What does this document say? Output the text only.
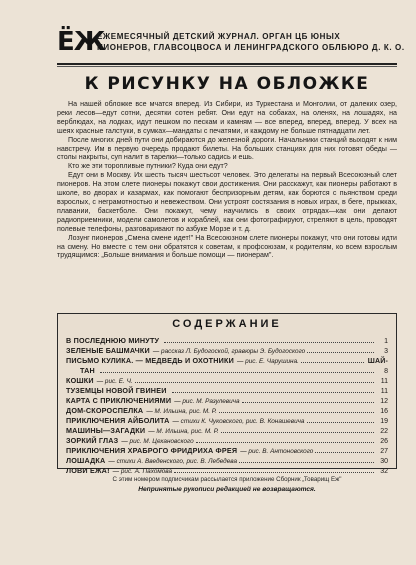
ЁЖ
ЕЖЕМЕСЯЧНЫЙ ДЕТСКИЙ ЖУРНАЛ. ОРГАН ЦБ ЮНЫХ
ПИОНЕРОВ, ГЛАВСОЦВОСА И ЛЕНИНГРАДСКОГО ОБЛБЮРО Д. К. О.
К РИСУНКУ НА ОБЛОЖКЕ

На нашей обложке все мчатся вперед. Из Сибири, из Туркестана и Монголии, от далеких озер, реки лесов—едут сотни, десятки сотен ребят. Они едут на собаках, на оленях, на лошадях, на верблюдах, на лодках, идут пешком по пескам и камням — все вперед, вперед, вперед. У всех на шеях красные галстуки, в сумках—мандаты с печатями, и каждому не больше пятнадцати лет.

После многих дней пути они добираются до железной дороги. Начальники станций выходят к ним навстречу. Им в первую очередь продают билеты. На больших станциях для них готовят обеды — столы накрыты, суп налит в тарелки—только садись и ешь.

Кто же эти торопливые путники? Куда они едут?

Едут они в Москву. Их шесть тысяч шестьсот человек. Это делегаты на первый Всесоюзный слет пионеров. На этом слете пионеры покажут свои достижения. Они расскажут, как пионеры работают в школе, во дворах и казармах, как помогают беспризорным детям, как борются с пьянством среди взрослых, с неграмотностью и невежеством. Они устроят состязания в новых играх, в беге, прыжках, плавании, баскетболе. Они покажут, чему научились в своих отрядах—как они делают радиоприемники, модели самолетов и кораблей, как они фотографируют, стреляют в цель, проводят полевые телефоны, разговаривают по азбуке Морзе и т. д.

Лозунг пионеров „Смена смене идет!" На Всесоюзном слете пионеры покажут, что они готовы идти на смену. Но вместе с тем они обратятся к советам, к профсоюзам, к родителям, ко всем взрослым трудящимся: „Больше внимания и больше помощи — пионерам".

СОДЕРЖАНИЕ
В ПОСЛЕДНЮЮ МИНУТУ	1
ЗЕЛЕНЫЕ БАШМАЧКИ — рассказ Л. Будогоской, гравюры Э. Будогоского	3
ПИСЬМО КУЛИКА. — МЕДВЕДЬ И ОХОТНИКИ — рис. Е. Чарушина.	ШАЙ-
ТАН	8
КОШКИ — рис. Е. Ч.	11
ТУЗЕМЦЫ НОВОЙ ГВИНЕИ	11
КАРТА С ПРИКЛЮЧЕНИЯМИ — рис. М. Разулевича	12
ДОМ-СКОРОСПЕЛКА — М. Ильина, рис. М. Р.	16
ПРИКЛЮЧЕНИЯ АЙБОЛИТА — стихи К. Чуковского, рис. В. Конашевича	19
МАШИНЫ—ЗАГАДКИ — М. Ильина, рис. М. Р.	22
ЗОРКИЙ ГЛАЗ — рис. М. Цехановского	26
ПРИКЛЮЧЕНИЯ ХРАБРОГО ФРИДРИХА ФРЕЯ — рис. В. Антоновского	27
ЛОШАДКА — стихи А. Введенского, рис. В. Лебедева	30
ЛОВИ ЕЖА! — рис. А. Пахомова	32
С этим номером подписчикам рассылается приложение Сборник „Товарищ Еж"
Непринятые рукописи редакцией не возвращаются.
